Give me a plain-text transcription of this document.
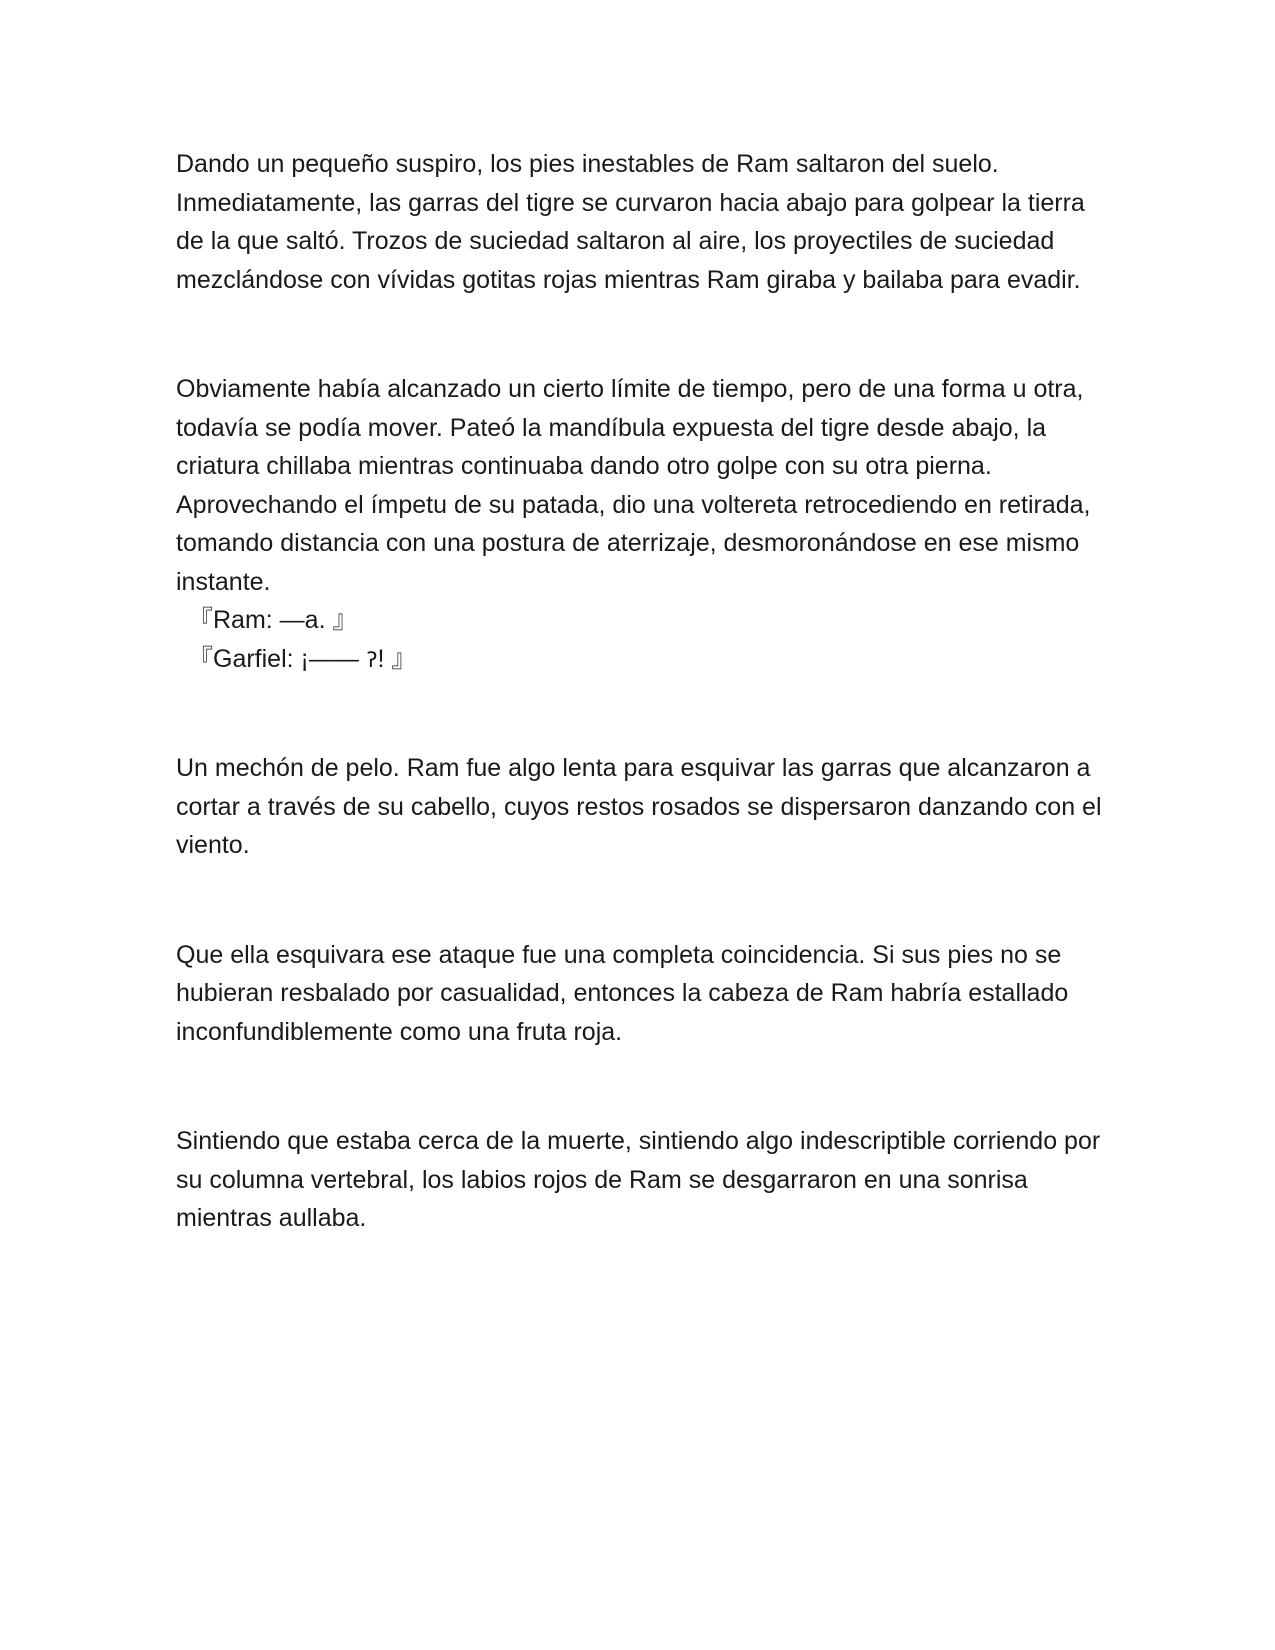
Dando un pequeño suspiro, los pies inestables de Ram saltaron del suelo. Inmediatamente, las garras del tigre se curvaron hacia abajo para golpear la tierra de la que saltó. Trozos de suciedad saltaron al aire, los proyectiles de suciedad mezclándose con vívidas gotitas rojas mientras Ram giraba y bailaba para evadir.

Obviamente había alcanzado un cierto límite de tiempo, pero de una forma u otra, todavía se podía mover. Pateó la mandíbula expuesta del tigre desde abajo, la criatura chillaba mientras continuaba dando otro golpe con su otra pierna. Aprovechando el ímpetu de su patada, dio una voltereta retrocediendo en retirada, tomando distancia con una postura de aterrizaje, desmoronándose en ese mismo instante.

『Ram: —a. 』

『Garfiel: ¡—— ॽ! 』

Un mechón de pelo. Ram fue algo lenta para esquivar las garras que alcanzaron a cortar a través de su cabello, cuyos restos rosados se dispersaron danzando con el viento.

Que ella esquivara ese ataque fue una completa coincidencia. Si sus pies no se hubieran resbalado por casualidad, entonces la cabeza de Ram habría estallado inconfundiblemente como una fruta roja.

Sintiendo que estaba cerca de la muerte, sintiendo algo indescriptible corriendo por su columna vertebral, los labios rojos de Ram se desgarraron en una sonrisa mientras aullaba.
